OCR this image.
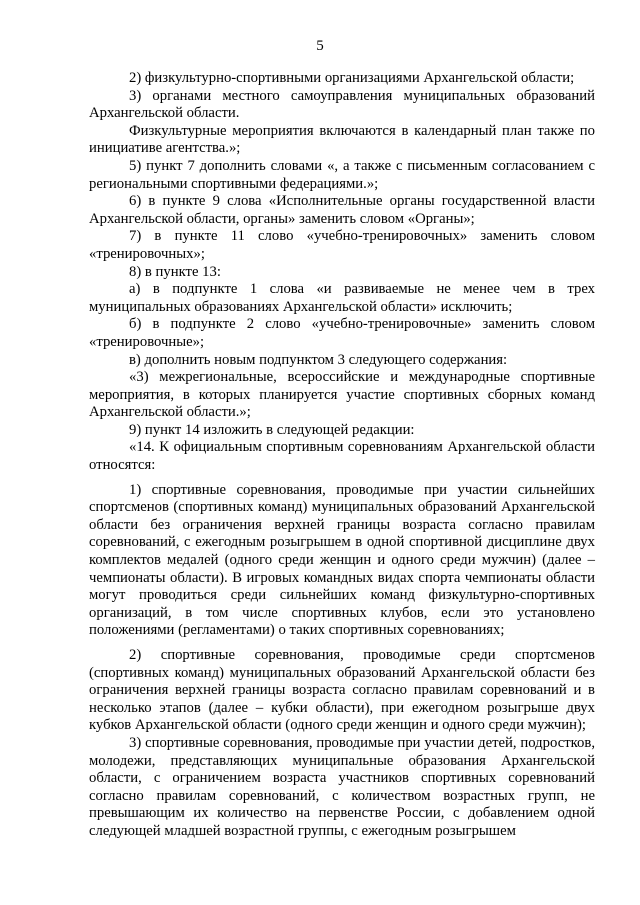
5

2) физкультурно-спортивными организациями Архангельской области;

3) органами местного самоуправления муниципальных образований Архангельской области.

Физкультурные мероприятия включаются в календарный план также по инициативе агентства.»;

5) пункт 7 дополнить словами «, а также с письменным согласованием с региональными спортивными федерациями.»;

6) в пункте 9 слова «Исполнительные органы государственной власти Архангельской области, органы» заменить словом «Органы»;

7) в пункте 11 слово «учебно-тренировочных» заменить словом «тренировочных»;

8) в пункте 13:

а) в подпункте 1 слова «и развиваемые не менее чем в трех муниципальных образованиях Архангельской области» исключить;

б) в подпункте 2 слово «учебно-тренировочные» заменить словом «тренировочные»;

в) дополнить новым подпунктом 3 следующего содержания:

«3) межрегиональные, всероссийские и международные спортивные мероприятия, в которых планируется участие спортивных сборных команд Архангельской области.»;

9) пункт 14 изложить в следующей редакции:

«14. К официальным спортивным соревнованиям Архангельской области относятся:

1) спортивные соревнования, проводимые при участии сильнейших спортсменов (спортивных команд) муниципальных образований Архангельской области без ограничения верхней границы возраста согласно правилам соревнований, с ежегодным розыгрышем в одной спортивной дисциплине двух комплектов медалей (одного среди женщин и одного среди мужчин) (далее – чемпионаты области). В игровых командных видах спорта чемпионаты области могут проводиться среди сильнейших команд физкультурно-спортивных организаций, в том числе спортивных клубов, если это установлено положениями (регламентами) о таких спортивных соревнованиях;

2) спортивные соревнования, проводимые среди спортсменов (спортивных команд) муниципальных образований Архангельской области без ограничения верхней границы возраста согласно правилам соревнований и в несколько этапов (далее – кубки области), при ежегодном розыгрыше двух кубков Архангельской области (одного среди женщин и одного среди мужчин);

3) спортивные соревнования, проводимые при участии детей, подростков, молодежи, представляющих муниципальные образования Архангельской области, с ограничением возраста участников спортивных соревнований согласно правилам соревнований, с количеством возрастных групп, не превышающим их количество на первенстве России, с добавлением одной следующей младшей возрастной группы, с ежегодным розыгрышем
